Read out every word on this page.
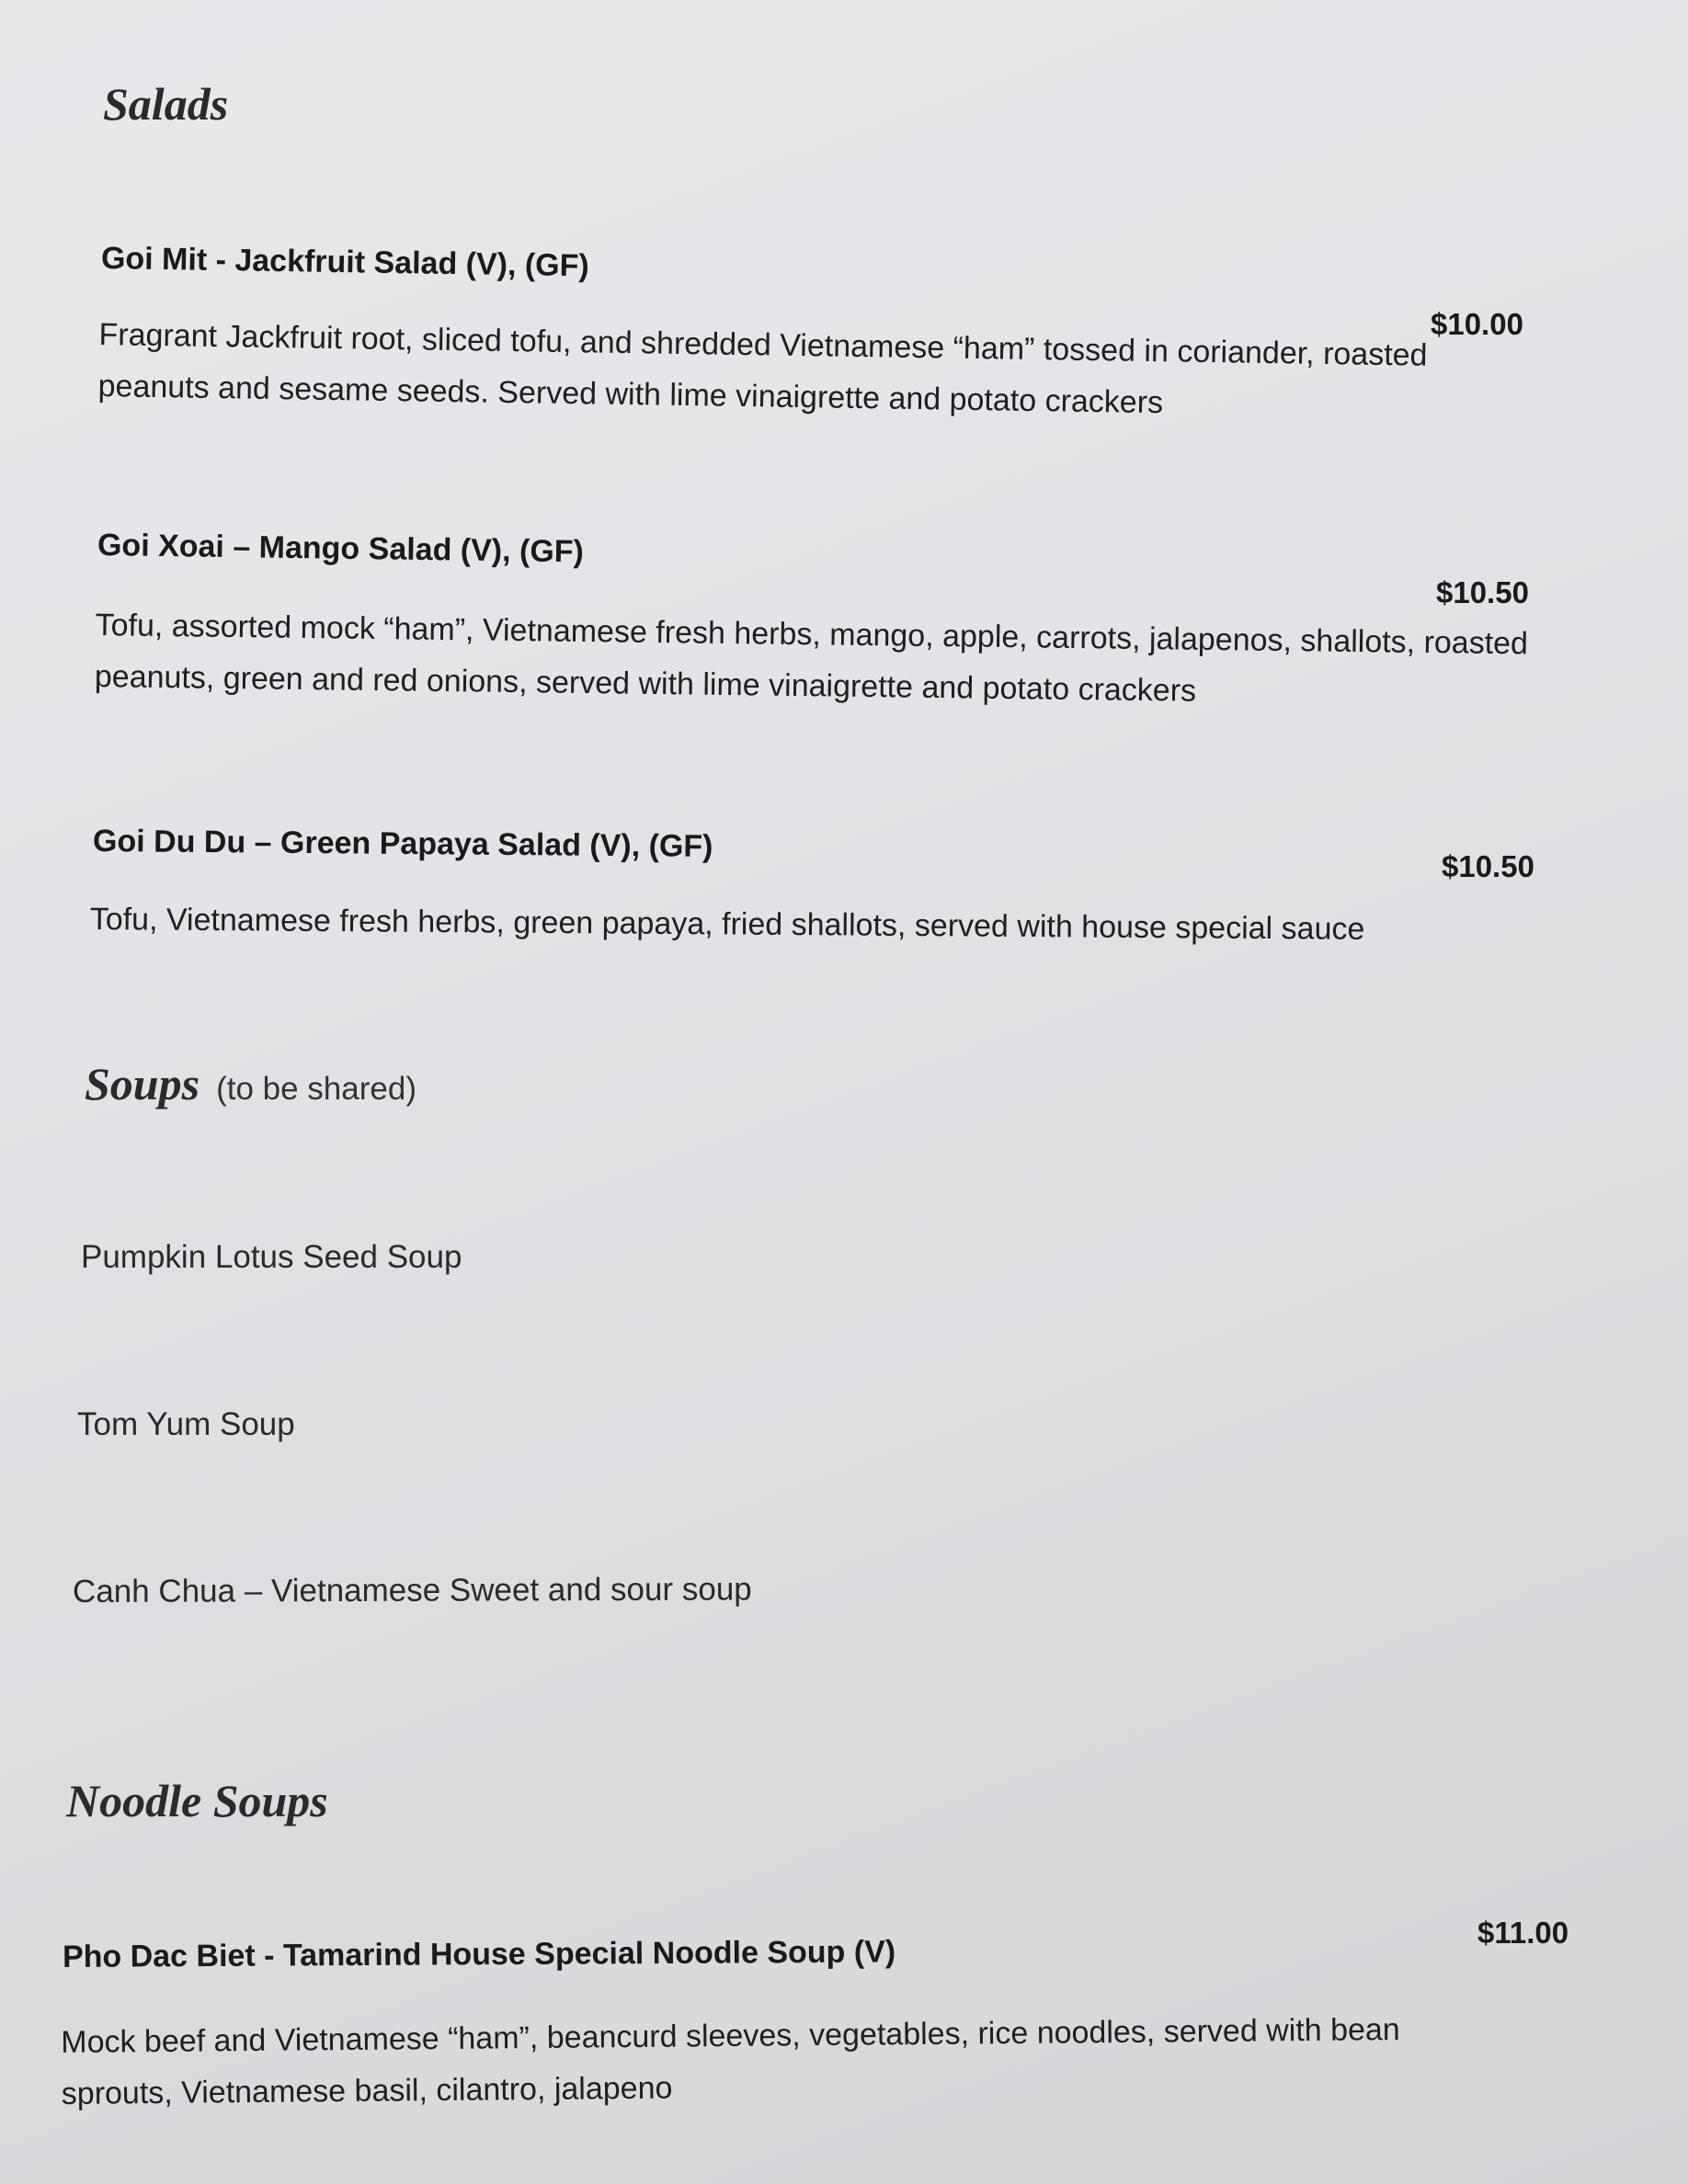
Salads

Goi Mit - Jackfruit Salad (V), (GF)

$10.00

Fragrant Jackfruit root, sliced tofu, and shredded Vietnamese “ham” tossed in coriander, roasted peanuts and sesame seeds. Served with lime vinaigrette and potato crackers

Goi Xoai – Mango Salad (V), (GF)

$10.50

Tofu, assorted mock “ham”, Vietnamese fresh herbs, mango, apple, carrots, jalapenos, shallots, roasted peanuts, green and red onions, served with lime vinaigrette and potato crackers

Goi Du Du – Green Papaya Salad (V), (GF)

$10.50

Tofu, Vietnamese fresh herbs, green papaya, fried shallots, served with house special sauce

Soups (to be shared)

Pumpkin Lotus Seed Soup

Tom Yum Soup

Canh Chua – Vietnamese Sweet and sour soup

Noodle Soups

Pho Dac Biet - Tamarind House Special Noodle Soup (V)

$11.00

Mock beef and Vietnamese “ham”, beancurd sleeves, vegetables, rice noodles, served with bean sprouts, Vietnamese basil, cilantro, jalapeno
